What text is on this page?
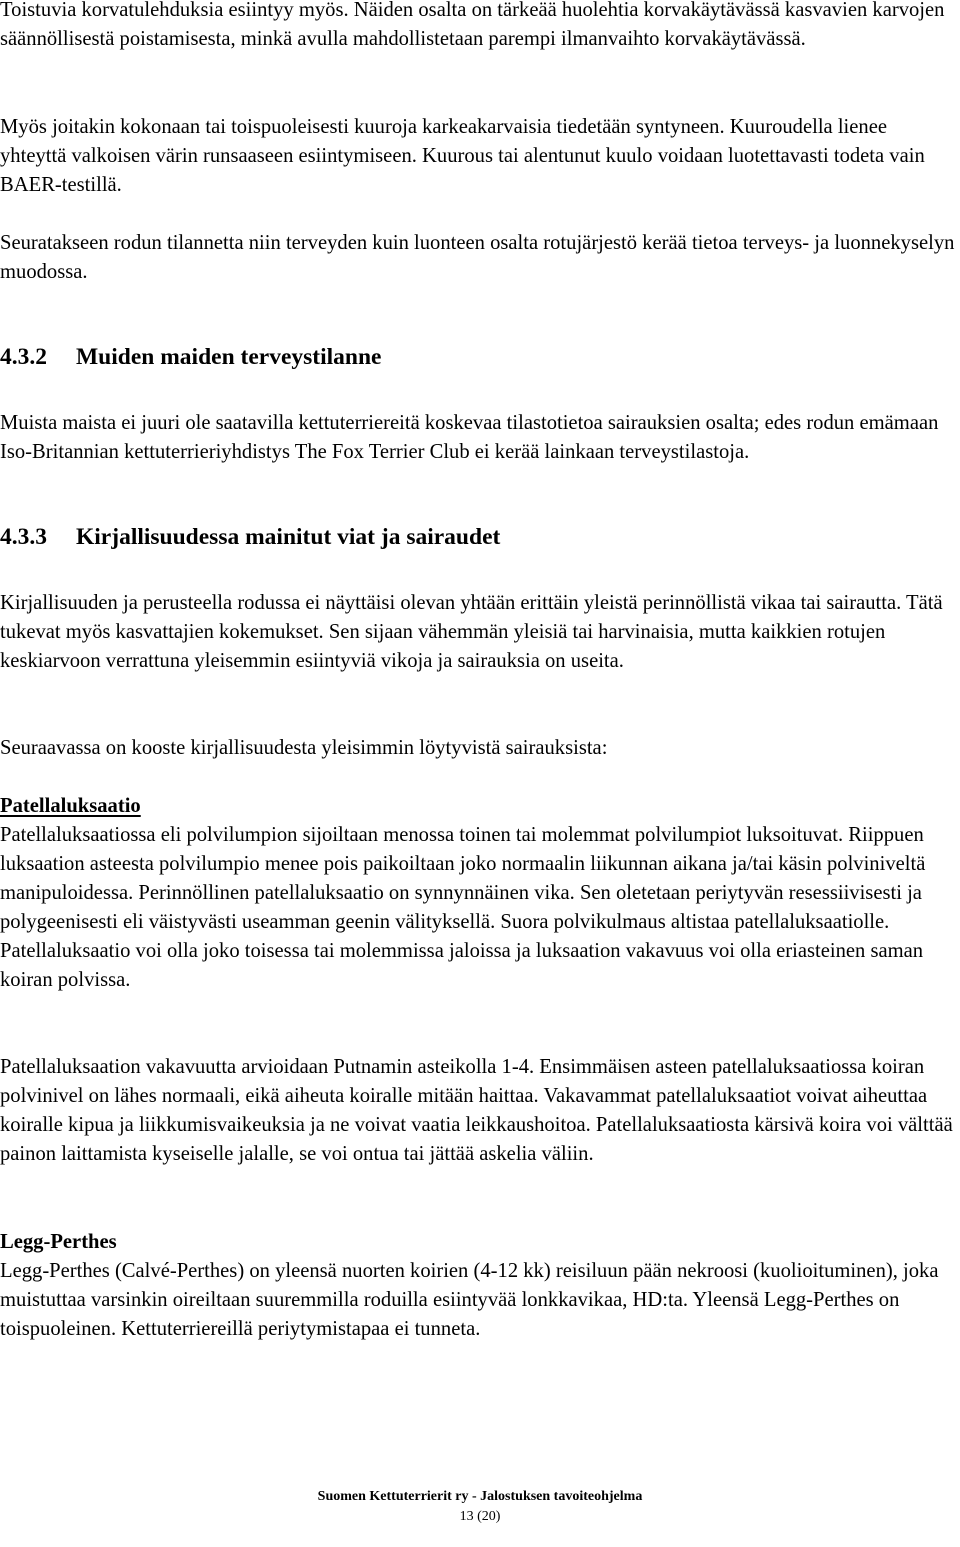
Toistuvia korvatulehduksia esiintyy myös. Näiden osalta on tärkeää huolehtia korvakäytävässä kasvavien karvojen säännöllisestä poistamisesta, minkä avulla mahdollistetaan parempi ilmanvaihto korvakäytävässä.

Myös joitakin kokonaan tai toispuoleisesti kuuroja karkeakarvaisia tiedetään syntyneen. Kuuroudella lienee yhteyttä valkoisen värin runsaaseen esiintymiseen. Kuurous tai alentunut kuulo voidaan luotettavasti todeta vain BAER-testillä.

Seuratakseen rodun tilannetta niin terveyden kuin luonteen osalta rotujärjestö kerää tietoa terveys- ja luonnekyselyn muodossa.

4.3.2 Muiden maiden terveystilanne

Muista maista ei juuri ole saatavilla kettuterriereitä koskevaa tilastotietoa sairauksien osalta; edes rodun emämaan Iso-Britannian kettuterrieriyhdistys The Fox Terrier Club ei kerää lainkaan terveystilastoja.

4.3.3 Kirjallisuudessa mainitut viat ja sairaudet

Kirjallisuuden ja perusteella rodussa ei näyttäisi olevan yhtään erittäin yleistä perinnöllistä vikaa tai sairautta. Tätä tukevat myös kasvattajien kokemukset. Sen sijaan vähemmän yleisiä tai harvinaisia, mutta kaikkien rotujen keskiarvoon verrattuna yleisemmin esiintyviä vikoja ja sairauksia on useita.

Seuraavassa on kooste kirjallisuudesta yleisimmin löytyvistä sairauksista:

Patellaluksaatio
Patellaluksaatiossa eli polvilumpion sijoiltaan menossa toinen tai molemmat polvilumpiot luksoituvat. Riippuen luksaation asteesta polvilumpio menee pois paikoiltaan joko normaalin liikunnan aikana ja/tai käsin polviniveltä manipuloidessa. Perinnöllinen patellaluksaatio on synnynnäinen vika. Sen oletetaan periytyvän resessiivisesti ja polygeenisesti eli väistyvästi useamman geenin välityksellä. Suora polvikulmaus altistaa patellaluksaatiolle. Patellaluksaatio voi olla joko toisessa tai molemmissa jaloissa ja luksaation vakavuus voi olla eriasteinen saman koiran polvissa.

Patellaluksaation vakavuutta arvioidaan Putnamin asteikolla 1-4. Ensimmäisen asteen patellaluksaatiossa koiran polvinivel on lähes normaali, eikä aiheuta koiralle mitään haittaa. Vakavammat patellaluksaatiot voivat aiheuttaa koiralle kipua ja liikkumisvaikeuksia ja ne voivat vaatia leikkaushoitoa. Patellaluksaatiosta kärsivä koira voi välttää painon laittamista kyseiselle jalalle, se voi ontua tai jättää askelia väliin.

Legg-Perthes
Legg-Perthes (Calvé-Perthes) on yleensä nuorten koirien (4-12 kk) reisiluun pään nekroosi (kuolioituminen), joka muistuttaa varsinkin oireiltaan suuremmilla roduilla esiintyvää lonkkavikaa, HD:ta. Yleensä Legg-Perthes on toispuoleinen. Kettuterriereillä periytymistapaa ei tunneta.
Suomen Kettuterrierit ry - Jalostuksen tavoiteohjelma
13 (20)
